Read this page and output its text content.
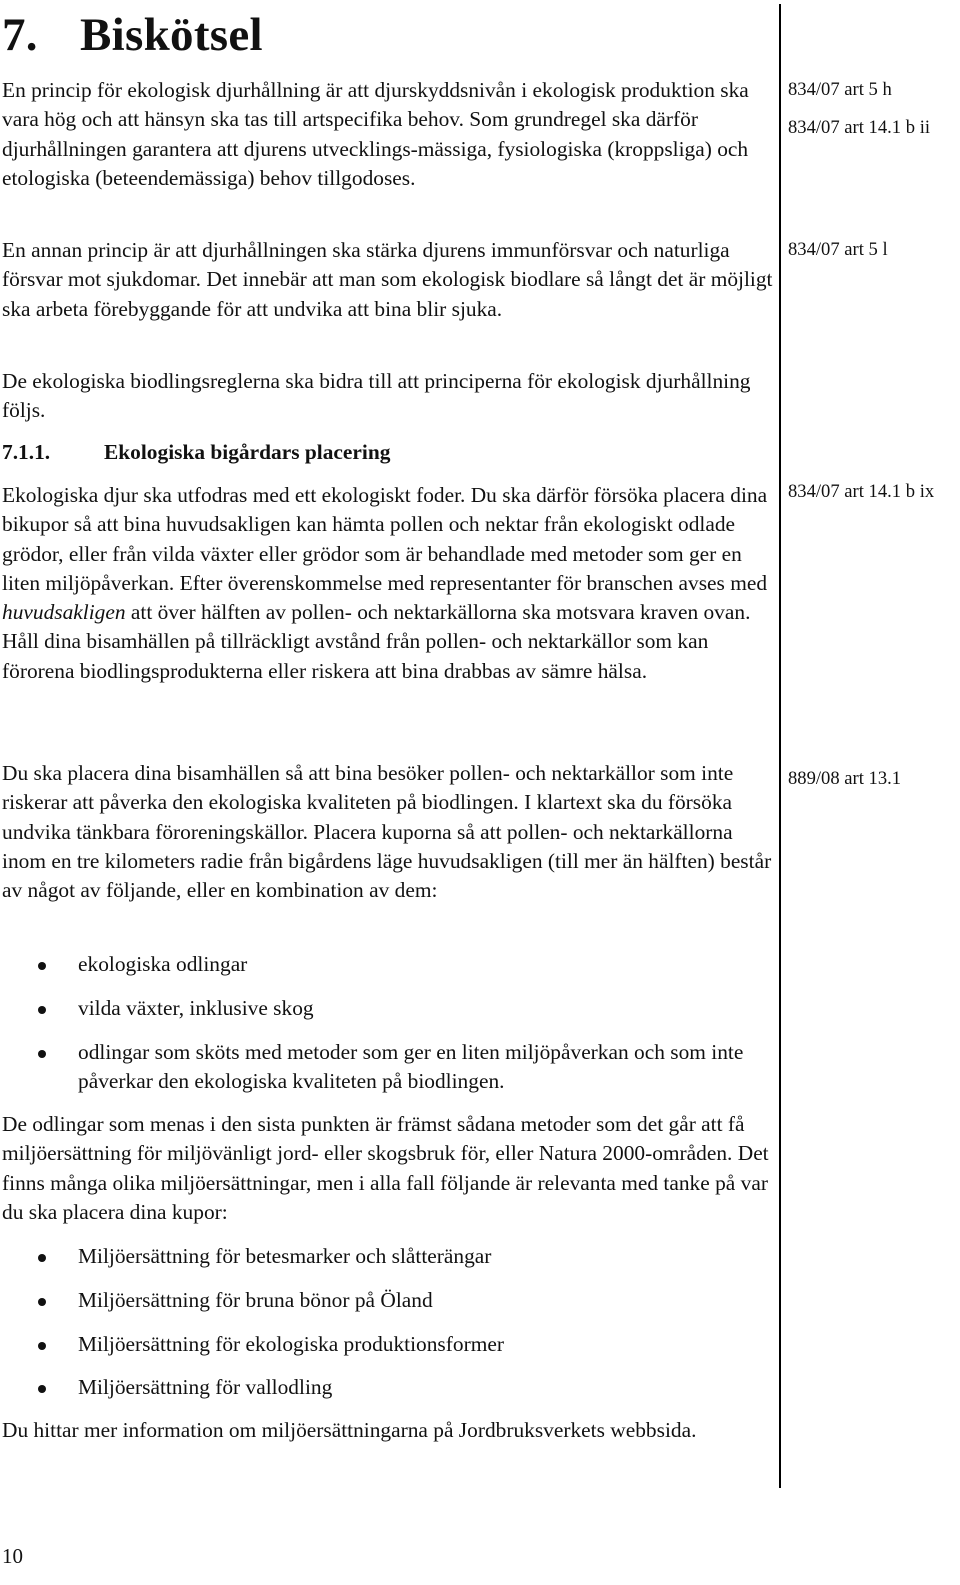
7. Biskötsel

En princip för ekologisk djurhållning är att djurskyddsnivån i ekologisk produktion ska vara hög och att hänsyn ska tas till artspecifika behov. Som grundregel ska därför djurhållningen garantera att djurens utvecklings-mässiga, fysiologiska (kroppsliga) och etologiska (beteendemässiga) behov tillgodoses.

En annan princip är att djurhållningen ska stärka djurens immunförsvar och naturliga försvar mot sjukdomar. Det innebär att man som ekologisk biodlare så långt det är möjligt ska arbeta förebyggande för att undvika att bina blir sjuka.

De ekologiska biodlingsreglerna ska bidra till att principerna för ekologisk djurhållning följs.

7.1.1.	Ekologiska bigårdars placering

Ekologiska djur ska utfodras med ett ekologiskt foder. Du ska därför försöka placera dina bikupor så att bina huvudsakligen kan hämta pollen och nektar från ekologiskt odlade grödor, eller från vilda växter eller grödor som är behandlade med metoder som ger en liten miljöpåverkan. Efter överenskommelse med representanter för branschen avses med huvudsakligen att över hälften av pollen- och nektarkällorna ska motsvara kraven ovan. Håll dina bisamhällen på tillräckligt avstånd från pollen- och nektarkällor som kan förorena biodlingsprodukterna eller riskera att bina drabbas av sämre hälsa.

Du ska placera dina bisamhällen så att bina besöker pollen- och nektarkällor som inte riskerar att påverka den ekologiska kvaliteten på biodlingen. I klartext ska du försöka undvika tänkbara föroreningskällor. Placera kuporna så att pollen- och nektarkällorna inom en tre kilometers radie från bigårdens läge huvudsakligen (till mer än hälften) består av något av följande, eller en kombination av dem:

ekologiska odlingar
vilda växter, inklusive skog
odlingar som sköts med metoder som ger en liten miljöpåverkan och som inte påverkar den ekologiska kvaliteten på biodlingen.

De odlingar som menas i den sista punkten är främst sådana metoder som det går att få miljöersättning för miljövänligt jord- eller skogsbruk för, eller Natura 2000-områden. Det finns många olika miljöersättningar, men i alla fall följande är relevanta med tanke på var du ska placera dina kupor:

Miljöersättning för betesmarker och slåtterängar
Miljöersättning för bruna bönor på Öland
Miljöersättning för ekologiska produktionsformer
Miljöersättning för vallodling

Du hittar mer information om miljöersättningarna på Jordbruksverkets webbsida.

834/07 art 5 h

834/07 art 14.1 b ii

834/07 art 5 l

834/07 art 14.1 b ix

889/08 art 13.1

10
